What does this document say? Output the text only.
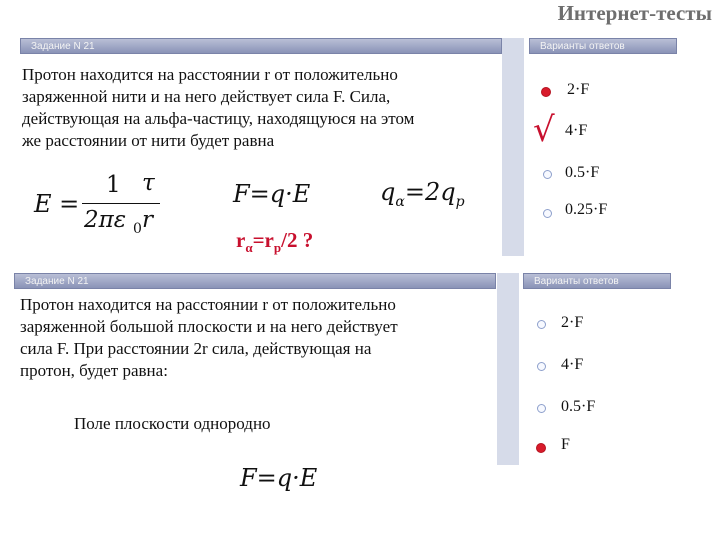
Интернет-тесты
Задание N 21	Варианты ответов
Протон находится на расстоянии r от положительно
заряженной нити и на него действует сила F. Сила,
действующая на альфа-частицу, находящуюся на этом
же расстоянии от нити будет равна
E =
1
2πε 0
τ
r
F=q·E	$q_\alpha=2q_p$
$r_\alpha=r_p/2$ ?
2·F
√ 4·F
0.5·F
0.25·F
Задание N 21	Варианты ответов
Протон находится на расстоянии r от положительно
заряженной большой плоскости и на него действует
сила F. При расстоянии 2r сила, действующая на
протон, будет равна:
Поле плоскости однородно
F=q·E
2·F
4·F
0.5·F
F
